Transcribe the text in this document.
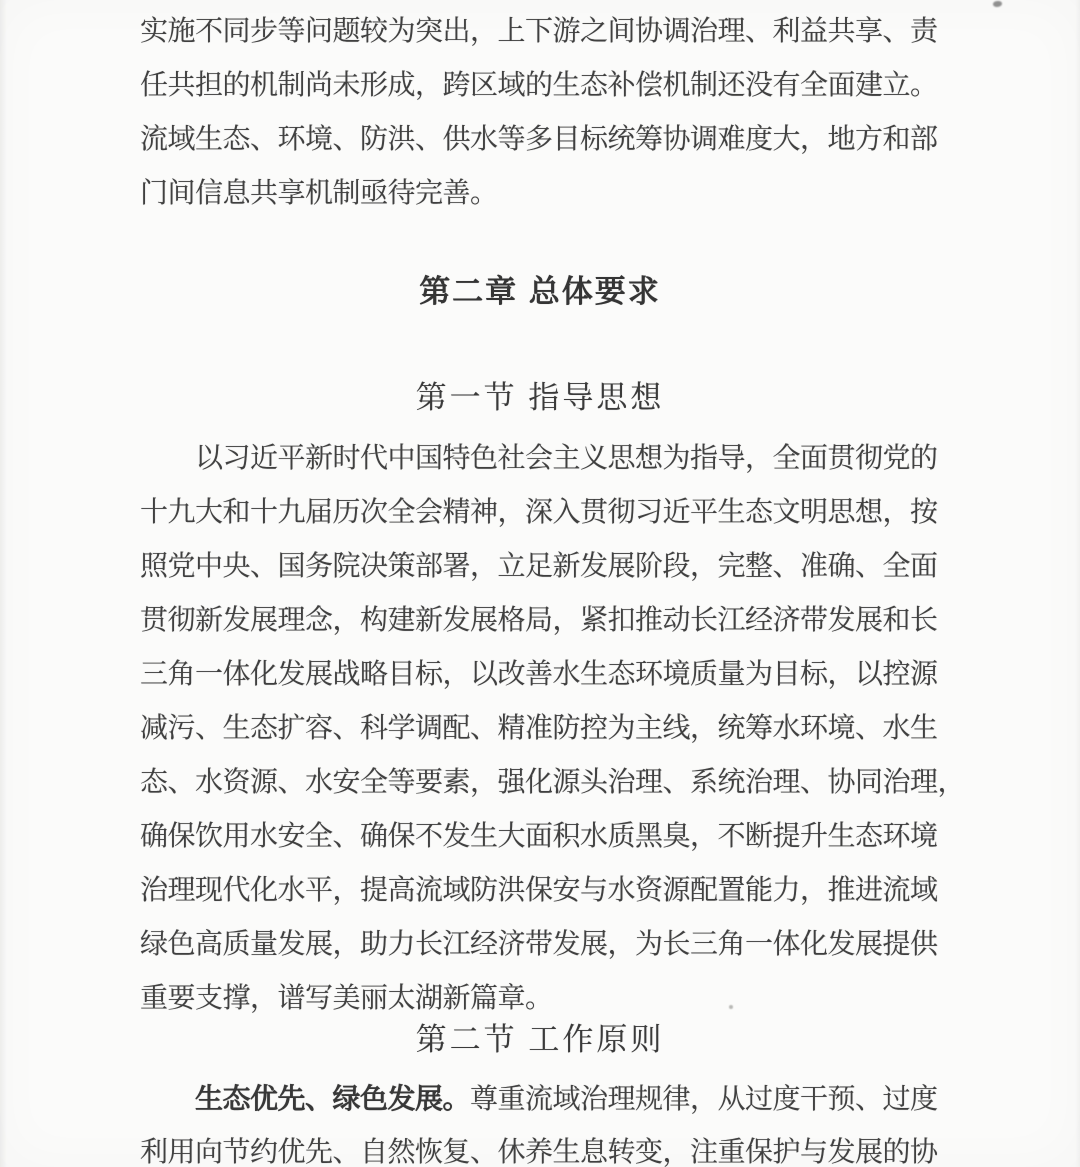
实施不同步等问题较为突出，上下游之间协调治理、利益共享、责
任共担的机制尚未形成，跨区域的生态补偿机制还没有全面建立。
流域生态、环境、防洪、供水等多目标统筹协调难度大，地方和部
门间信息共享机制亟待完善。
第二章 总体要求
第一节 指导思想
以习近平新时代中国特色社会主义思想为指导，全面贯彻党的
十九大和十九届历次全会精神，深入贯彻习近平生态文明思想，按
照党中央、国务院决策部署，立足新发展阶段，完整、准确、全面
贯彻新发展理念，构建新发展格局，紧扣推动长江经济带发展和长
三角一体化发展战略目标，以改善水生态环境质量为目标，以控源
减污、生态扩容、科学调配、精准防控为主线，统筹水环境、水生
态、水资源、水安全等要素，强化源头治理、系统治理、协同治理，
确保饮用水安全、确保不发生大面积水质黑臭，不断提升生态环境
治理现代化水平，提高流域防洪保安与水资源配置能力，推进流域
绿色高质量发展，助力长江经济带发展，为长三角一体化发展提供
重要支撑，谱写美丽太湖新篇章。
第二节 工作原则
生态优先、绿色发展。尊重流域治理规律，从过度干预、过度
利用向节约优先、自然恢复、休养生息转变，注重保护与发展的协
